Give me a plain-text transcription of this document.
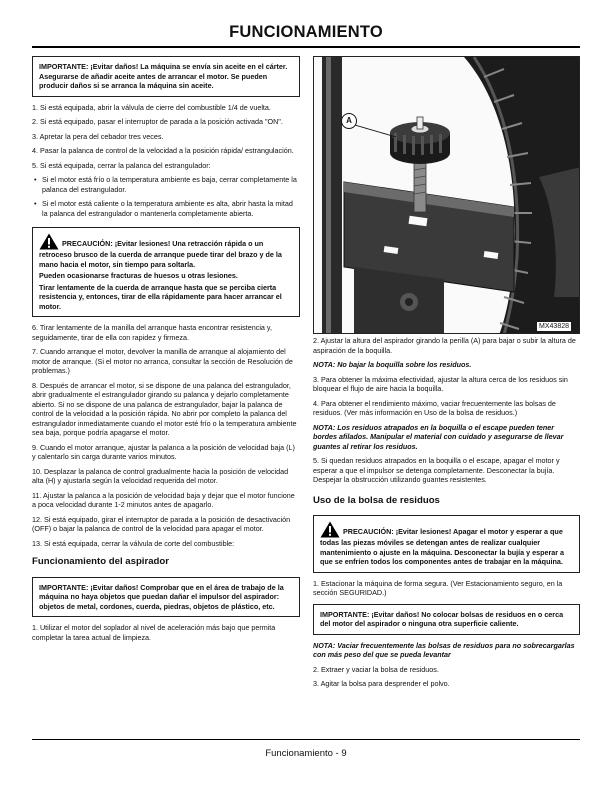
FUNCIONAMIENTO

IMPORTANTE: ¡Evitar daños! La máquina se envía sin aceite en el cárter. Asegurarse de añadir aceite antes de arrancar el motor. Se pueden producir daños si se arranca la máquina sin aceite.

1. Si está equipada, abrir la válvula de cierre del combustible 1/4 de vuelta.

2. Si está equipado, pasar el interruptor de parada a la posición activada "ON".

3. Apretar la pera del cebador tres veces.

4. Pasar la palanca de control de la velocidad a la posición rápida/ estrangulación.

5. Si está equipada, cerrar la palanca del estrangulador:

• Si el motor está frío o la temperatura ambiente es baja, cerrar completamente la palanca del estrangulador.

• Si el motor está caliente o la temperatura ambiente es alta, abrir hasta la mitad la palanca del estrangulador o mantenerla completamente abierta.

PRECAUCIÓN: ¡Evitar lesiones! Una retracción rápida o un retroceso brusco de la cuerda de arranque puede tirar del brazo y de la mano hacia el motor, sin tiempo para soltarla.

Pueden ocasionarse fracturas de huesos u otras lesiones.

Tirar lentamente de la cuerda de arranque hasta que se perciba cierta resistencia y, entonces, tirar de ella rápidamente para hacer arrancar el motor.

6. Tirar lentamente de la manilla del arranque hasta encontrar resistencia y, seguidamente, tirar de ella con rapidez y firmeza.

7. Cuando arranque el motor, devolver la manilla de arranque al alojamiento del motor de arranque. (Si el motor no arranca, consultar la sección de Resolución de problemas.)

8. Después de arrancar el motor, si se dispone de una palanca del estrangulador, abrir gradualmente el estrangulador girando su palanca y dejarlo completamente abierto. Si no se dispone de una palanca de estrangulador, bajar la palanca de control de la velocidad a la posición rápida. No abrir por completo la palanca del estrangulador inmediatamente cuando el motor esté frío o la temperatura ambiente sea baja, porque podría apagarse el motor.

9. Cuando el motor arranque, ajustar la palanca a la posición de velocidad baja (L) y calentarlo sin carga durante varios minutos.

10. Desplazar la palanca de control gradualmente hacia la posición de velocidad alta (H) y ajustarla según la velocidad requerida del motor.

11. Ajustar la palanca a la posición de velocidad baja y dejar que el motor funcione a poca velocidad durante 1-2 minutos antes de apagarlo.

12. Si está equipado, girar el interruptor de parada a la posición de desactivación (OFF) o bajar la palanca de control de la velocidad para apagar el motor.

13. Si está equipada, cerrar la válvula de corte del combustible:

Funcionamiento del aspirador

IMPORTANTE: ¡Evitar daños! Comprobar que en el área de trabajo de la máquina no haya objetos que puedan dañar el impulsor del aspirador: objetos de metal, cordones, cuerda, piedras, objetos de plástico, etc.

1. Utilizar el motor del soplador al nivel de aceleración más bajo que permita completar la tarea actual de limpieza.

A
MX43828

2. Ajustar la altura del aspirador girando la perilla (A) para bajar o subir la altura de aspiración de la boquilla.

NOTA: No bajar la boquilla sobre los residuos.

3. Para obtener la máxima efectividad, ajustar la altura cerca de los residuos sin bloquear el flujo de aire hacia la boquilla.

4. Para obtener el rendimiento máximo, vaciar frecuentemente las bolsas de residuos. (Ver más información en Uso de la bolsa de residuos.)

NOTA: Los residuos atrapados en la boquilla o el escape pueden tener bordes afilados. Manipular el material con cuidado y asegurarse de llevar guantes al retirar los residuos.

5. Si quedan residuos atrapados en la boquilla o el escape, apagar el motor y esperar a que el impulsor se detenga completamente. Desconectar la bujía. Despejar la obstrucción utilizando guantes resistentes.

Uso de la bolsa de residuos

PRECAUCIÓN: ¡Evitar lesiones! Apagar el motor y esperar a que todas las piezas móviles se detengan antes de realizar cualquier mantenimiento o ajuste en la máquina. Desconectar la bujía y esperar a que se enfríen todos los componentes antes de trabajar en la máquina.

1. Estacionar la máquina de forma segura. (Ver Estacionamiento seguro, en la sección SEGURIDAD.)

IMPORTANTE: ¡Evitar daños! No colocar bolsas de residuos en o cerca del motor del aspirador o ninguna otra superficie caliente.

NOTA: Vaciar frecuentemente las bolsas de residuos para no sobrecargarlas con más peso del que se pueda levantar

2. Extraer y vaciar la bolsa de residuos.

3. Agitar la bolsa para desprender el polvo.

Funcionamiento - 9
